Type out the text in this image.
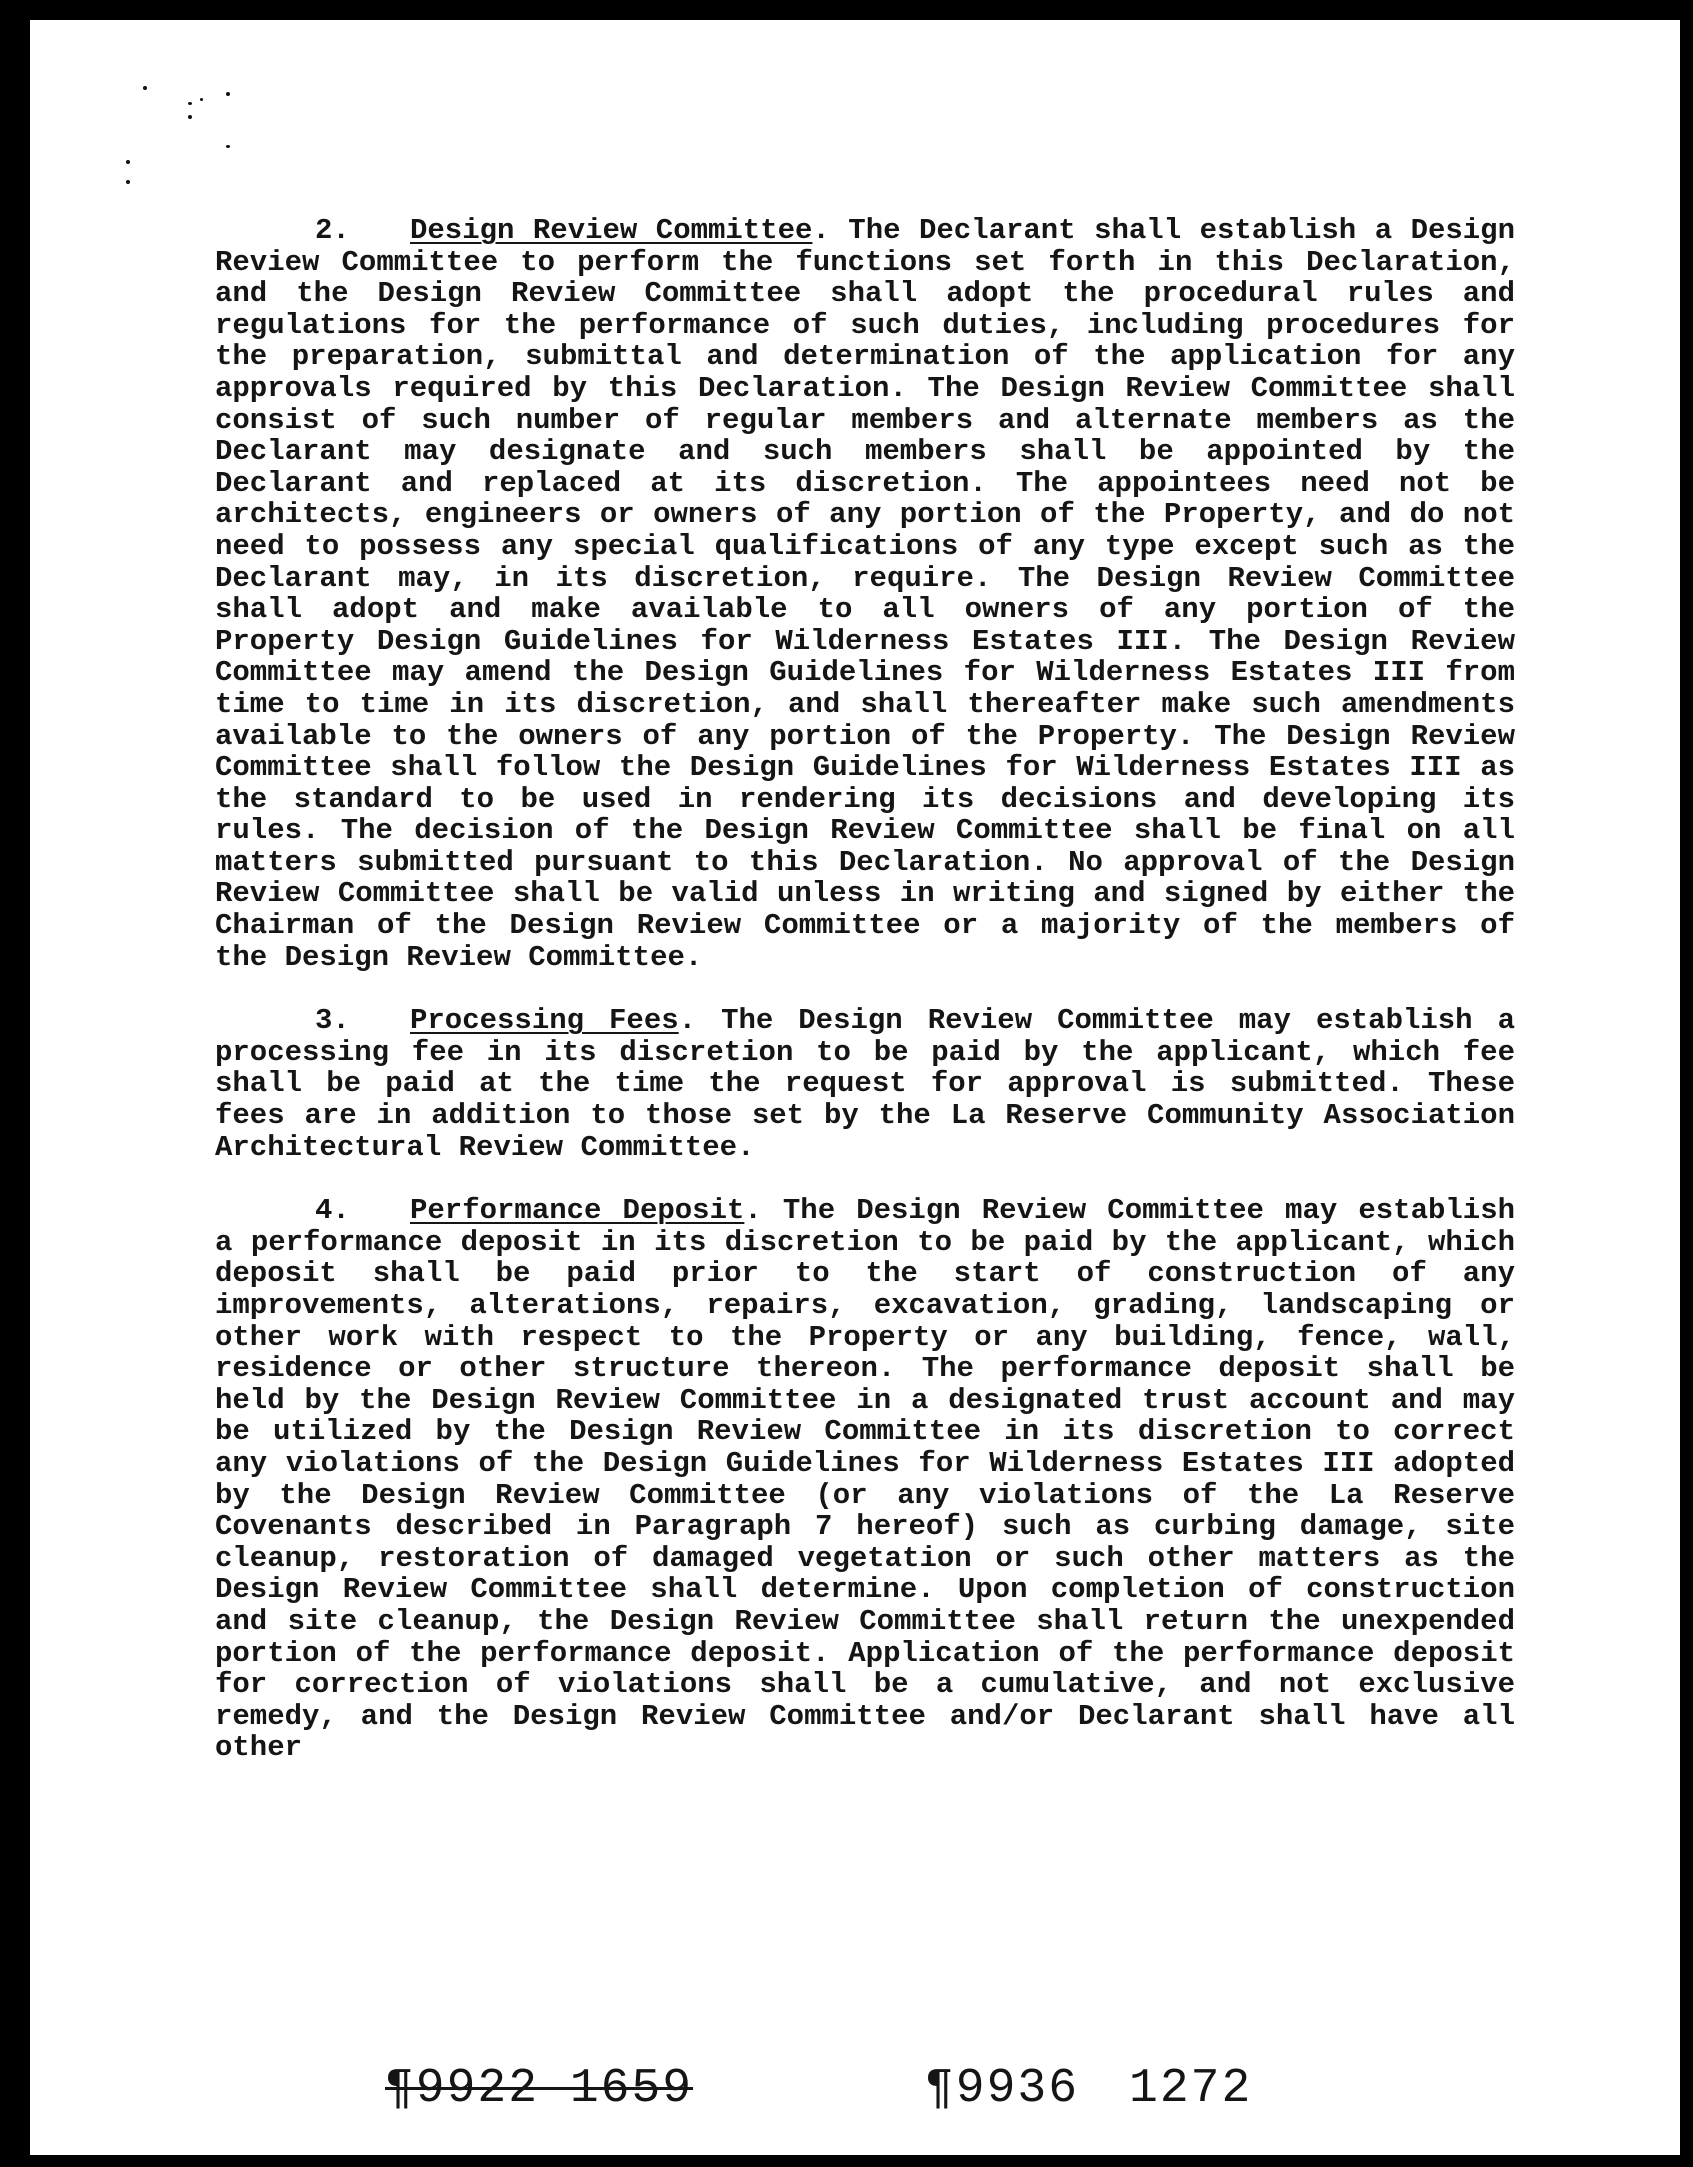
2. Design Review Committee. The Declarant shall establish a Design Review Committee to perform the functions set forth in this Declaration, and the Design Review Committee shall adopt the procedural rules and regulations for the performance of such duties, including procedures for the preparation, submittal and determination of the application for any approvals required by this Declaration. The Design Review Committee shall consist of such number of regular members and alternate members as the Declarant may designate and such members shall be appointed by the Declarant and replaced at its discretion. The appointees need not be architects, engineers or owners of any portion of the Property, and do not need to possess any special qualifications of any type except such as the Declarant may, in its discretion, require. The Design Review Committee shall adopt and make available to all owners of any portion of the Property Design Guidelines for Wilderness Estates III. The Design Review Committee may amend the Design Guidelines for Wilderness Estates III from time to time in its discretion, and shall thereafter make such amendments available to the owners of any portion of the Property. The Design Review Committee shall follow the Design Guidelines for Wilderness Estates III as the standard to be used in rendering its decisions and developing its rules. The decision of the Design Review Committee shall be final on all matters submitted pursuant to this Declaration. No approval of the Design Review Committee shall be valid unless in writing and signed by either the Chairman of the Design Review Committee or a majority of the members of the Design Review Committee.

3. Processing Fees. The Design Review Committee may establish a processing fee in its discretion to be paid by the applicant, which fee shall be paid at the time the request for approval is submitted. These fees are in addition to those set by the La Reserve Community Association Architectural Review Committee.

4. Performance Deposit. The Design Review Committee may establish a performance deposit in its discretion to be paid by the applicant, which deposit shall be paid prior to the start of construction of any improvements, alterations, repairs, excavation, grading, landscaping or other work with respect to the Property or any building, fence, wall, residence or other structure thereon. The performance deposit shall be held by the Design Review Committee in a designated trust account and may be utilized by the Design Review Committee in its discretion to correct any violations of the Design Guidelines for Wilderness Estates III adopted by the Design Review Committee (or any violations of the La Reserve Covenants described in Paragraph 7 hereof) such as curbing damage, site cleanup, restoration of damaged vegetation or such other matters as the Design Review Committee shall determine. Upon completion of construction and site cleanup, the Design Review Committee shall return the unexpended portion of the performance deposit. Application of the performance deposit for correction of violations shall be a cumulative, and not exclusive remedy, and the Design Review Committee and/or Declarant shall have all other

¶9922 1659	¶9936 1272
